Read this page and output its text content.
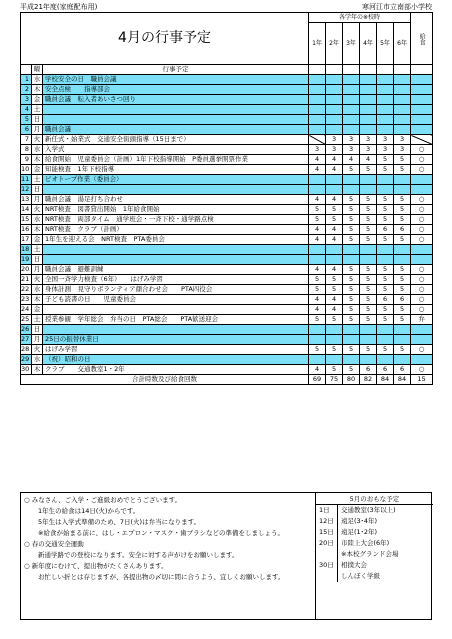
平成21年度(家庭配布用)	寒河江市立南部小学校
4月の行事予定			各学年の※校時						給食
			1年	2年	3年	4年	5年	6年	
	曜	行事予定							
1	水	学校安全の日　職員会議							
2	木	安全点検　　指導部会							
3	金	職員会議　転入者あいさつ回り							
4	土								
5	日								
6	月	職員会議							
7	火	新任式・始業式　交通安全街頭指導（15日まで）		3	3	3	3	3	
8	水	入学式	3	3	3	3	3	3	○
9	木	給食開始　児童委員会（計画）1年下校指導開始　P委員選挙開票作業	4	4	4	4	5	5	○
10	金	知能検査　1年下校指導	4	4	5	5	5	5	○
11	土	ビオトープ作業（委員会）							
12	日								
13	月	職員会議　湯足打ち合わせ	4	4	5	5	5	5	○
14	火	NRT検査　図書貸出開始　1年給食開始	5	5	5	5	5	5	○
15	水	NRT検査　両部タイム　通学班会・一斉下校・通学路点検	5	5	5	5	5	5	○
16	木	NRT検査　クラブ（計画）	4	4	5	5	6	6	○
17	金	1年生を迎える会　NRT検査　PTA委員会	4	4	5	5	5	5	○
18	土								
19	日								
20	月	職員会議　避難訓練	4	4	5	5	5	5	○
21	火	全国一斉学力検査（6年）　　はげみ学習	5	5	5	5	5	5	○
22	水	身体計測　見守りボランティア顔合わせ会　　PTA四役会	5	5	5	5	5	5	○
23	木	子ども読書の日　　児童委員会	4	4	5	5	6	6	○
24	金		4	4	5	5	5	5	○
25	土	授業参観　学年総会　弁当の日　PTA総会　　PTA歓送迎会	5	5	5	5	5	5	弁
26	日								
27	月	25日の振替休業日							
28	火	はげみ学習	5	5	5	5	5	5	○
29	水	（祝）昭和の日							
30	木	クラブ　　交通教室1・2年	4	5	5	6	6	6	○
合計時数及び給食回数			69	75	80	82	84	84	15
○ みなさん、ご入学・ご進級おめでとうございます。
1年生の給食は14日(火)からです。
5年生は入学式準備のため、7日(火)は弁当になります。
※給食が始まる前に、はし・エプロン・マスク・歯ブラシなどの準備をしましょう。
○ 春の交通安全運動
新通学路での登校になります。安全に対する声がけをお願いします。
○ 新年度にむけて、提出物がたくさんあります。
お忙しい折とは存じますが、各提出物の〆切に間に合うよう、宜しくお願いします。
5月のおもな予定
1日	交通教室(3年以上)
12日	遠足(3･4年)
15日	遠足(1･2年)
20日	市陸上大会(6年)
※本校グランド会場
30日	相撲大会
しんぼく学級
